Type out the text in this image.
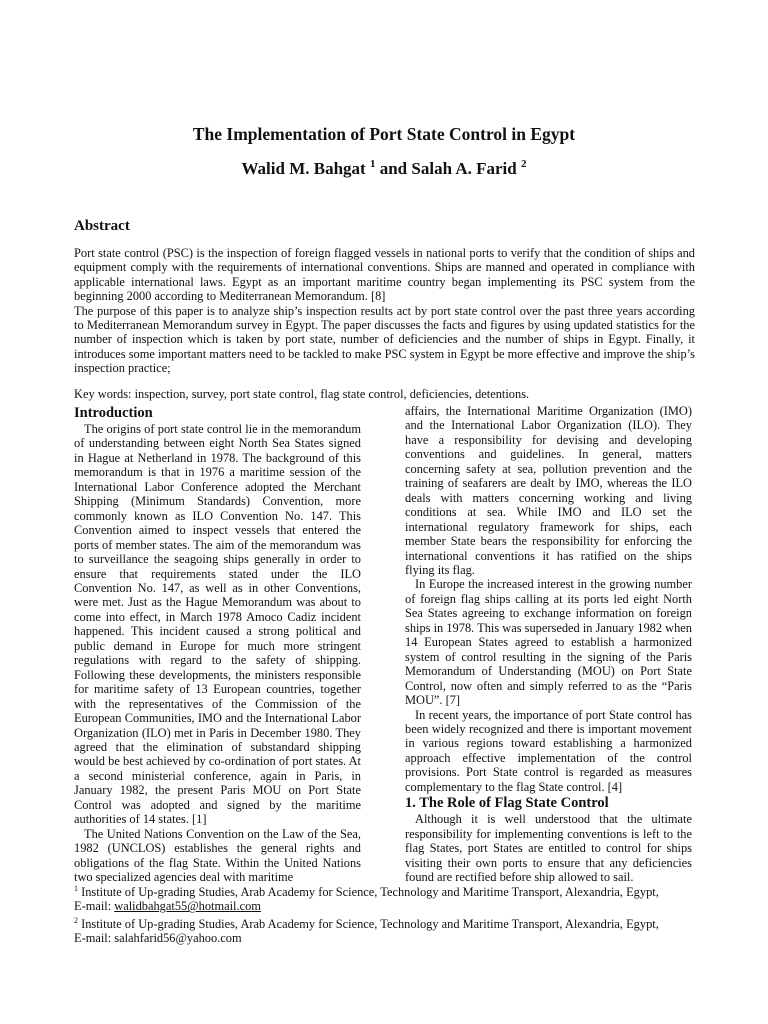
The Implementation of Port State Control in Egypt
Walid M. Bahgat $^1$ and Salah A. Farid $^2$
Abstract

Port state control (PSC) is the inspection of foreign flagged vessels in national ports to verify that the condition of ships and equipment comply with the requirements of international conventions. Ships are manned and operated in compliance with applicable international laws. Egypt as an important maritime country began implementing its PSC system from the beginning 2000 according to Mediterranean Memorandum. [8]

The purpose of this paper is to analyze ship’s inspection results act by port state control over the past three years according to Mediterranean Memorandum survey in Egypt. The paper discusses the facts and figures by using updated statistics for the number of inspection which is taken by port state, number of deficiencies and the number of ships in Egypt. Finally, it introduces some important matters need to be tackled to make PSC system in Egypt be more effective and improve the ship’s inspection practice;

Key words: inspection, survey, port state control, flag state control, deficiencies, detentions.
Introduction

The origins of port state control lie in the memorandum of understanding between eight North Sea States signed in Hague at Netherland in 1978. The background of this memorandum is that in 1976 a maritime session of the International Labor Conference adopted the Merchant Shipping (Minimum Standards) Convention, more commonly known as ILO Convention No. 147. This Convention aimed to inspect vessels that entered the ports of member states. The aim of the memorandum was to surveillance the seagoing ships generally in order to ensure that requirements stated under the ILO Convention No. 147, as well as in other Conventions, were met. Just as the Hague Memorandum was about to come into effect, in March 1978 Amoco Cadiz incident happened. This incident caused a strong political and public demand in Europe for much more stringent regulations with regard to the safety of shipping. Following these developments, the ministers responsible for maritime safety of 13 European countries, together with the representatives of the Commission of the European Communities, IMO and the International Labor Organization (ILO) met in Paris in December 1980. They agreed that the elimination of substandard shipping would be best achieved by co-ordination of port states. At a second ministerial conference, again in Paris, in January 1982, the present Paris MOU on Port State Control was adopted and signed by the maritime authorities of 14 states. [1]

The United Nations Convention on the Law of the Sea, 1982 (UNCLOS) establishes the general rights and obligations of the flag State. Within the United Nations two specialized agencies deal with maritime

affairs, the International Maritime Organization (IMO) and the International Labor Organization (ILO). They have a responsibility for devising and developing conventions and guidelines. In general, matters concerning safety at sea, pollution prevention and the training of seafarers are dealt by IMO, whereas the ILO deals with matters concerning working and living conditions at sea. While IMO and ILO set the international regulatory framework for ships, each member State bears the responsibility for enforcing the international conventions it has ratified on the ships flying its flag.

In Europe the increased interest in the growing number of foreign flag ships calling at its ports led eight North Sea States agreeing to exchange information on foreign ships in 1978. This was superseded in January 1982 when 14 European States agreed to establish a harmonized system of control resulting in the signing of the Paris Memorandum of Understanding (MOU) on Port State Control, now often and simply referred to as the “Paris MOU”. [7]

In recent years, the importance of port State control has been widely recognized and there is important movement in various regions toward establishing a harmonized approach effective implementation of the control provisions. Port State control is regarded as measures complementary to the flag State control. [4]

1. The Role of Flag State Control

Although it is well understood that the ultimate responsibility for implementing conventions is left to the flag States, port States are entitled to control for ships visiting their own ports to ensure that any deficiencies found are rectified before ship allowed to sail.

$^1$ Institute of Up-grading Studies, Arab Academy for Science, Technology and Maritime Transport, Alexandria, Egypt,
E-mail: walidbahgat55@hotmail.com

$^2$ Institute of Up-grading Studies, Arab Academy for Science, Technology and Maritime Transport, Alexandria, Egypt,
E-mail: salahfarid56@yahoo.com
